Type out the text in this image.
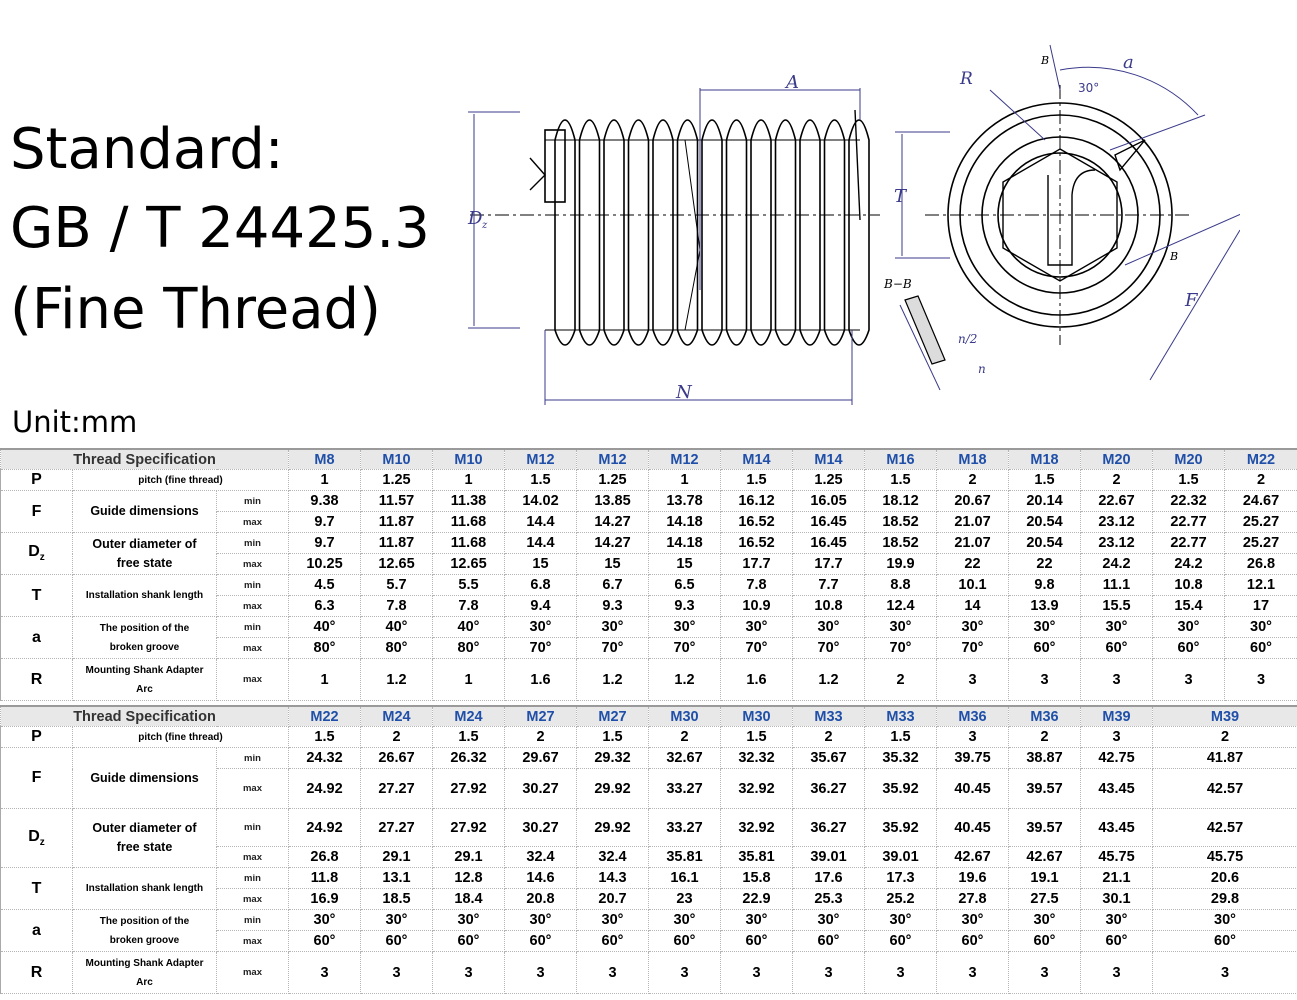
Standard:
GB / T 24425.3
(Fine Thread)
Unit:mm
A
N
D z
R
a
30°
T
F
B
B
B−B
n/2
n
Thread Specification			M8	M10	M10	M12	M12	M12	M14	M14	M16	M18	M18	M20	M20	M22
P	pitch (fine thread)		1	1.25	1	1.5	1.25	1	1.5	1.25	1.5	2	1.5	2	1.5	2
F	Guide dimensions	min	9.38	11.57	11.38	14.02	13.85	13.78	16.12	16.05	18.12	20.67	20.14	22.67	22.32	24.67
		max	9.7	11.87	11.68	14.4	14.27	14.18	16.52	16.45	18.52	21.07	20.54	23.12	22.77	25.27
$D_z$	Outer diameter of
free state	min	9.7	11.87	11.68	14.4	14.27	14.18	16.52	16.45	18.52	21.07	20.54	23.12	22.77	25.27
		max	10.25	12.65	12.65	15	15	15	17.7	17.7	19.9	22	22	24.2	24.2	26.8
T	Installation shank length	min	4.5	5.7	5.5	6.8	6.7	6.5	7.8	7.7	8.8	10.1	9.8	11.1	10.8	12.1
		max	6.3	7.8	7.8	9.4	9.3	9.3	10.9	10.8	12.4	14	13.9	15.5	15.4	17
a	The position of the
broken groove	min	40°	40°	40°	30°	30°	30°	30°	30°	30°	30°	30°	30°	30°	30°
		max	80°	80°	80°	70°	70°	70°	70°	70°	70°	70°	60°	60°	60°	60°
R	Mounting Shank Adapter
Arc	max	1	1.2	1	1.6	1.2	1.2	1.6	1.2	2	3	3	3	3	3
Thread Specification			M22	M24	M24	M27	M27	M30	M30	M33	M33	M36	M36	M39	M39
P	pitch (fine thread)		1.5	2	1.5	2	1.5	2	1.5	2	1.5	3	2	3	2
F	Guide dimensions	min	24.32	26.67	26.32	29.67	29.32	32.67	32.32	35.67	35.32	39.75	38.87	42.75	41.87
		max	24.92	27.27	27.92	30.27	29.92	33.27	32.92	36.27	35.92	40.45	39.57	43.45	42.57
$D_z$	Outer diameter of
free state	min	24.92	27.27	27.92	30.27	29.92	33.27	32.92	36.27	35.92	40.45	39.57	43.45	42.57
		max	26.8	29.1	29.1	32.4	32.4	35.81	35.81	39.01	39.01	42.67	42.67	45.75	45.75
T	Installation shank length	min	11.8	13.1	12.8	14.6	14.3	16.1	15.8	17.6	17.3	19.6	19.1	21.1	20.6
		max	16.9	18.5	18.4	20.8	20.7	23	22.9	25.3	25.2	27.8	27.5	30.1	29.8
a	The position of the
broken groove	min	30°	30°	30°	30°	30°	30°	30°	30°	30°	30°	30°	30°	30°
		max	60°	60°	60°	60°	60°	60°	60°	60°	60°	60°	60°	60°	60°
R	Mounting Shank Adapter
Arc	max	3	3	3	3	3	3	3	3	3	3	3	3	3
